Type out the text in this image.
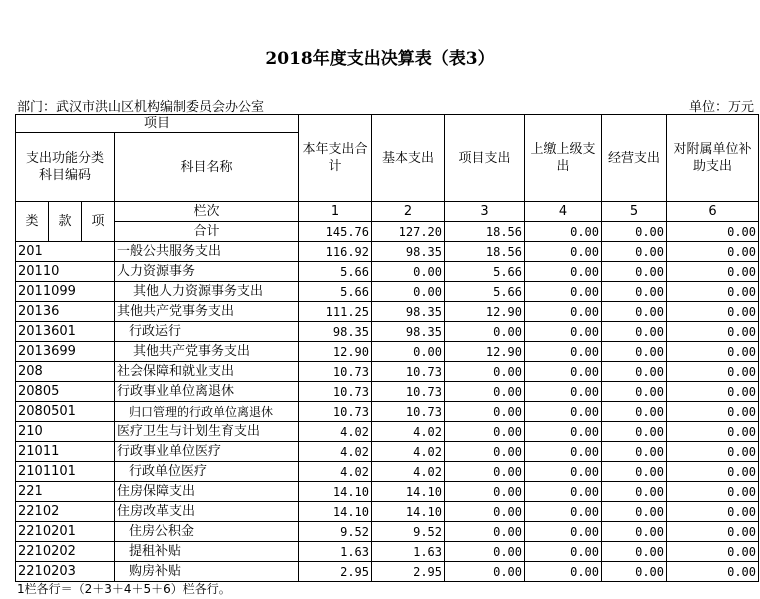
2018年度支出决算表（表3）
部门：武汉市洪山区机构编制委员会办公室	单位：万元
项目				本年支出合计	基本支出	项目支出	上缴上级支出	经营支出	对附属单位补助支出
支出功能分类科目编码			科目名称						
类	款	项							
			栏次	1	2	3	4	5	6
			合计	145.76	127.20	18.56	0.00	0.00	0.00
201			一般公共服务支出	116.92	98.35	18.56	0.00	0.00	0.00
20110			人力资源事务	5.66	0.00	5.66	0.00	0.00	0.00
2011099			其他人力资源事务支出	5.66	0.00	5.66	0.00	0.00	0.00
20136			其他共产党事务支出	111.25	98.35	12.90	0.00	0.00	0.00
2013601			行政运行	98.35	98.35	0.00	0.00	0.00	0.00
2013699			其他共产党事务支出	12.90	0.00	12.90	0.00	0.00	0.00
208			社会保障和就业支出	10.73	10.73	0.00	0.00	0.00	0.00
20805			行政事业单位离退休	10.73	10.73	0.00	0.00	0.00	0.00
2080501			归口管理的行政单位离退休	10.73	10.73	0.00	0.00	0.00	0.00
210			医疗卫生与计划生育支出	4.02	4.02	0.00	0.00	0.00	0.00
21011			行政事业单位医疗	4.02	4.02	0.00	0.00	0.00	0.00
2101101			行政单位医疗	4.02	4.02	0.00	0.00	0.00	0.00
221			住房保障支出	14.10	14.10	0.00	0.00	0.00	0.00
22102			住房改革支出	14.10	14.10	0.00	0.00	0.00	0.00
2210201			住房公积金	9.52	9.52	0.00	0.00	0.00	0.00
2210202			提租补贴	1.63	1.63	0.00	0.00	0.00	0.00
2210203			购房补贴	2.95	2.95	0.00	0.00	0.00	0.00
1栏各行＝（2＋3＋4＋5＋6）栏各行。
